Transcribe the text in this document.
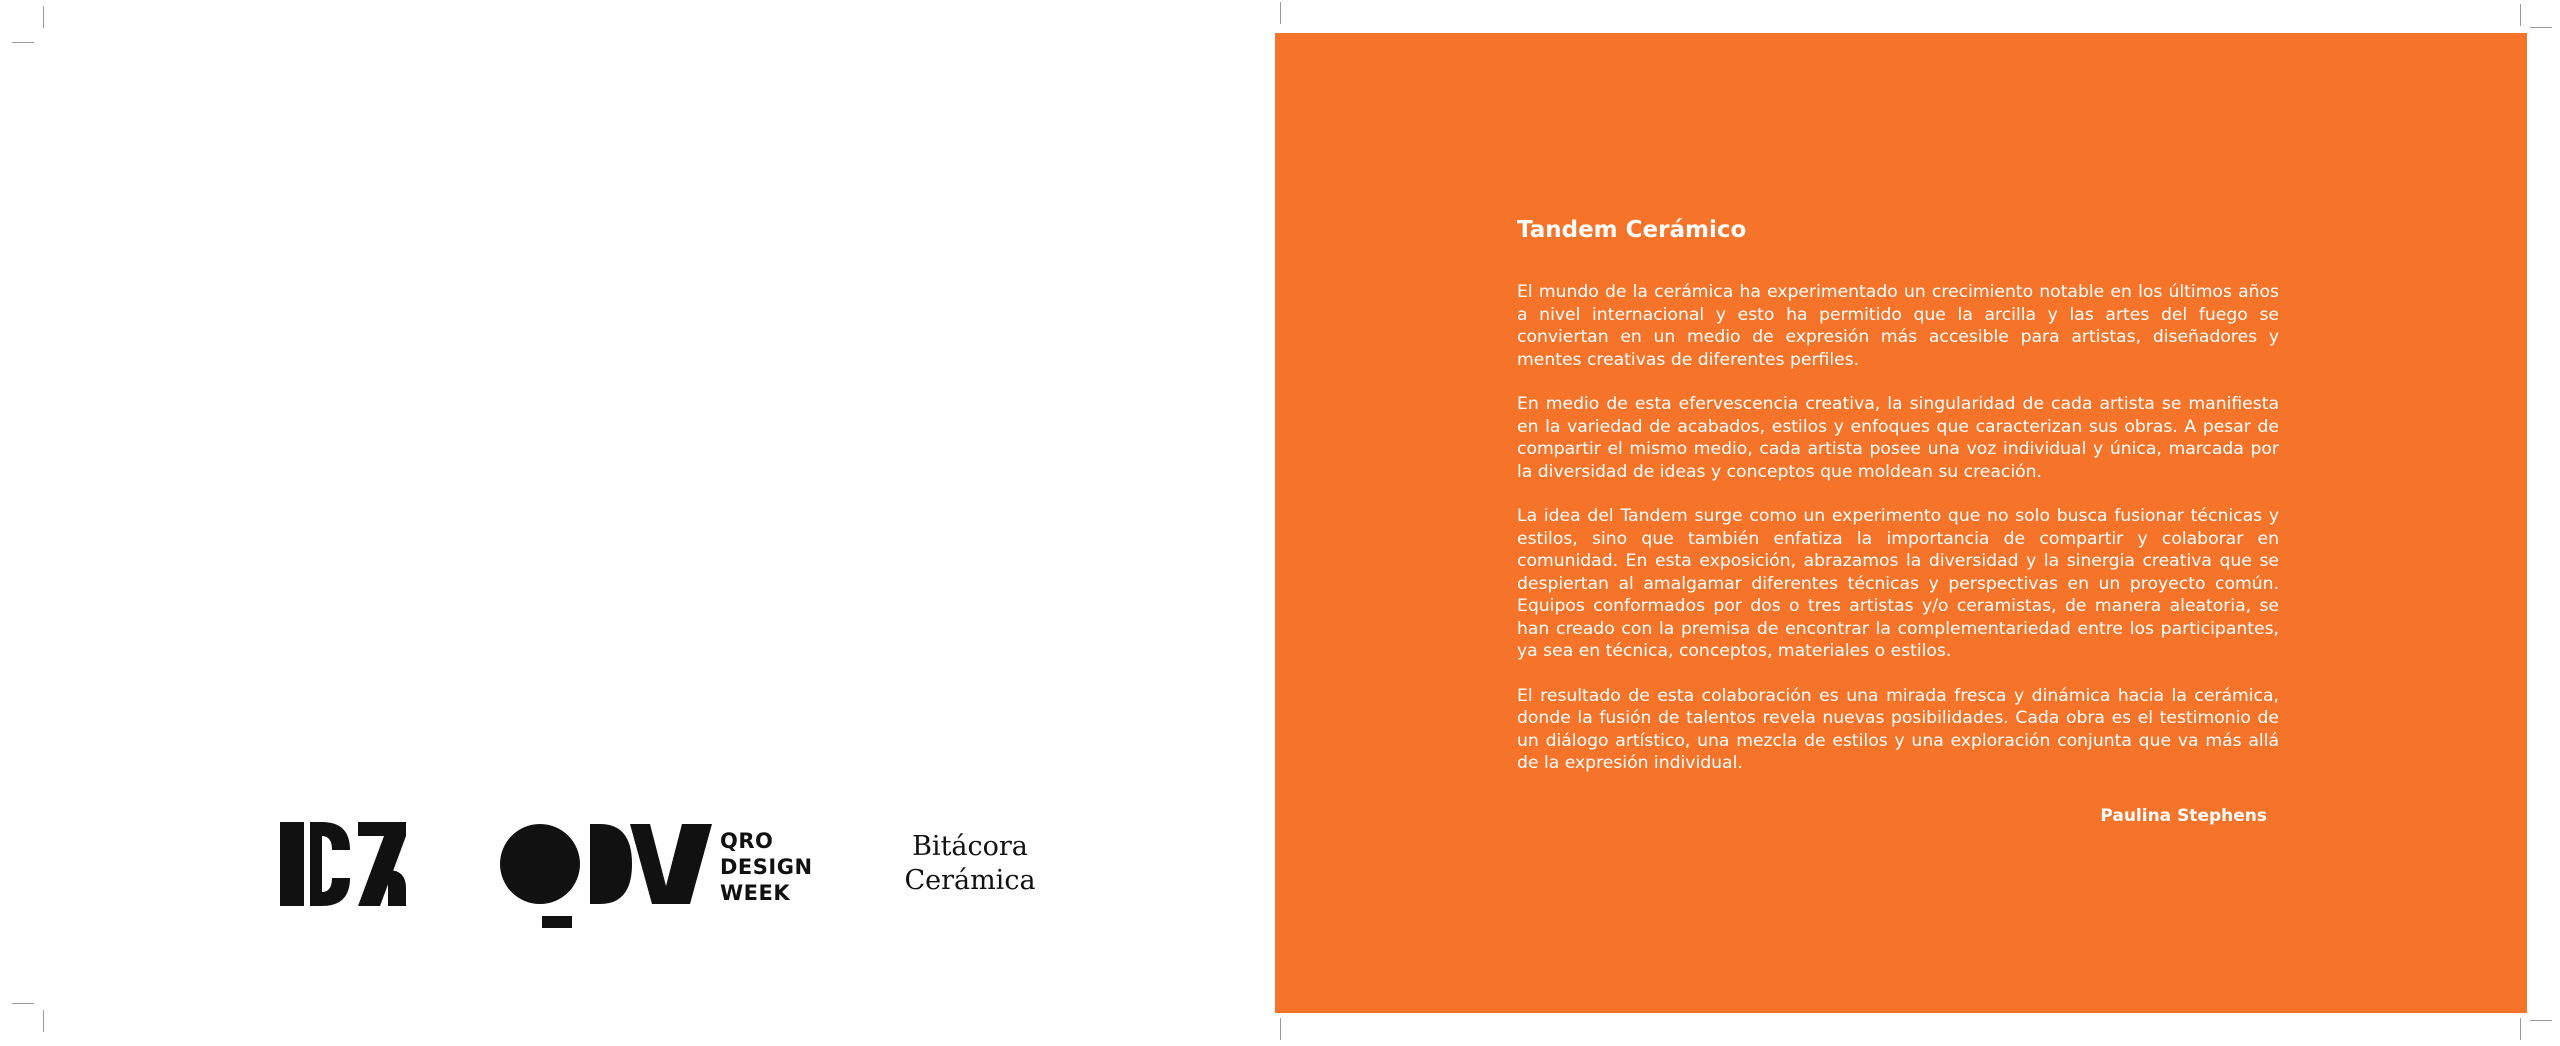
QRO
DESIGN
WEEK
Bitácora
Cerámica
Tandem Cerámico

El mundo de la cerámica ha experimentado un crecimiento notable en los últimos años a nivel internacional y esto ha permitido que la arcilla y las artes del fuego se conviertan en un medio de expresión más accesible para artistas, diseñadores y mentes creativas de diferentes perfiles.

En medio de esta efervescencia creativa, la singularidad de cada artista se manifiesta en la variedad de acabados, estilos y enfoques que caracterizan sus obras. A pesar de compartir el mismo medio, cada artista posee una voz individual y única, marcada por la diversidad de ideas y conceptos que moldean su creación.

La idea del Tandem surge como un experimento que no solo busca fusionar técnicas y estilos, sino que también enfatiza la importancia de compartir y colaborar en comunidad. En esta exposición, abrazamos la diversidad y la sinergia creativa que se despiertan al amalgamar diferentes técnicas y perspectivas en un proyecto común. Equipos conformados por dos o tres artistas y/o ceramistas, de manera aleatoria, se han creado con la premisa de encontrar la complementariedad entre los participantes, ya sea en técnica, conceptos, materiales o estilos.

El resultado de esta colaboración es una mirada fresca y dinámica hacia la cerámica, donde la fusión de talentos revela nuevas posibilidades. Cada obra es el testimonio de un diálogo artístico, una mezcla de estilos y una exploración conjunta que va más allá de la expresión individual.

Paulina Stephens
